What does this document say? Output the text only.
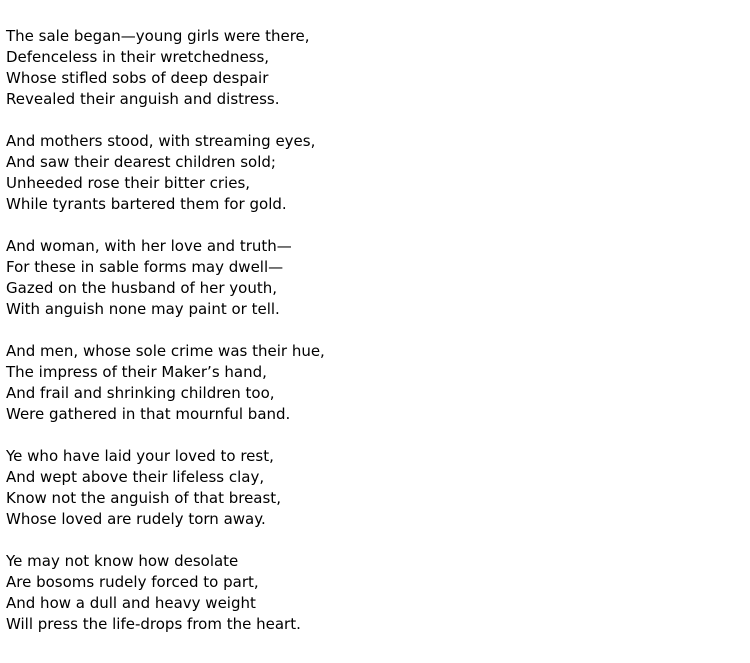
The sale began—young girls were there,
Defenceless in their wretchedness,
Whose stifled sobs of deep despair
Revealed their anguish and distress.
And mothers stood, with streaming eyes,
And saw their dearest children sold;
Unheeded rose their bitter cries,
While tyrants bartered them for gold.
And woman, with her love and truth—
For these in sable forms may dwell—
Gazed on the husband of her youth,
With anguish none may paint or tell.
And men, whose sole crime was their hue,
The impress of their Maker’s hand,
And frail and shrinking children too,
Were gathered in that mournful band.
Ye who have laid your loved to rest,
And wept above their lifeless clay,
Know not the anguish of that breast,
Whose loved are rudely torn away.
Ye may not know how desolate
Are bosoms rudely forced to part,
And how a dull and heavy weight
Will press the life-drops from the heart.
